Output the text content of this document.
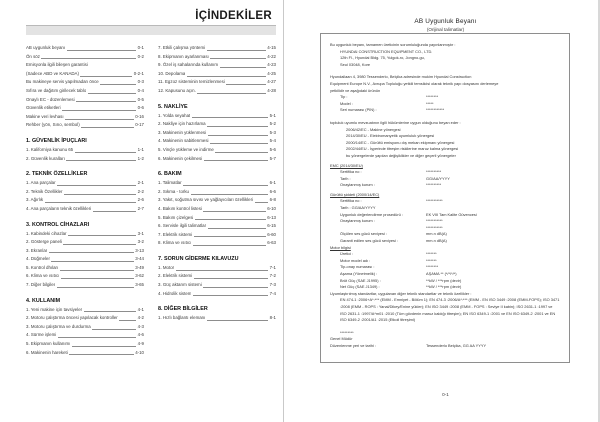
İÇİNDEKİLER
AB uygunluk beyanı	0-1
Ön söz	0-2
Emisyonla ilgili bileşen garantisi
(Sadece ABD ve KANADA)	0-2-1
Bu makineye servis yapılmadan önce	0-3
Sıfıra ve dağıtım girilecek tablo	0-4
Onaylı EC - düzenlemesi	0-5
Güvenlik etiketleri	0-6
Makine veri levhası	0-16
Rehber (yön, Sıno, sembol)	0-17
1. GÜVENLİK İPUÇLARI
1. Kaliforniya kanunu 65	1-1
2. Güvenlik kuralları	1-2
2. TEKNİK ÖZELLİKLER
1. Ana parçalar	2-1
2. Teknik Özellikler	2-2
3. Ağırlık	2-6
4. Ana parçaların teknik özellikleri	2-7
3. KONTROL CİHAZLARI
1. Kabindeki cihazlar	3-1
2. Gösterge paneli	3-2
3. Ekranlar	3-13
4. Düğmeler	3-44
5. Kontrol dhıları	3-49
6. Klima ve ısıtıcı	3-62
7. Diğer bilgiler	3-65
4. KULLANIM
1. Yeni makine için tavsiyeler	4-1
2. Motoru çalıştırma öncesi yapılacak kontroller	4-2
3. Motoru çalıştırma ve durdurma	4-3
4. Sürme işlemi	4-6
5. Ekipmanın kullanımı	4-9
6. Makinenin hareketi	4-10
7. Etkili çalışma yöntemi	4-15
8. Ekipmanın ayarlanması	4-22
9. Özel iş sahalarında kullanım	4-23
10. Depolama	4-25
11. Egzoz sisteminin temizlenmesi	4-27
12. Kapusunu açın.	4-28
5. NAKLİYE
1. Yolda seyahat	5-1
2. Nakliye için hazırlama	5-2
3. Makinenin yüklenmesi	5-3
4. Makinenin sabitlenmesi	5-4
5. Vinçle yükleme ve indirme	5-6
6. Makinenin çekilmesi	5-7
6. BAKIM
1. Talimatlar	6-1
2. Sıkma - torku	6-6
3. Yakıt, soğutma sıvısı ve yağlayıcıları özellikleri	6-8
4. Bakım kontrol listesi	6-10
5. Bakım çizelgesi	6-13
6. Servisle ilgili talimatlar	6-15
7. Elektrik sistemi	6-60
8. Klima ve ısıtıcı	6-63
7. SORUN GİDERME KILAVUZU
1. Motor	7-1
2. Elektrik sistemi	7-2
3. Güç aktarım sistemi	7-3
4. Hidrolik sistem	7-4
8. DİĞER BİLGİLER
1. Hızlı bağlantı elemanı	8-1
AB Uygunluk Beyanı
(Orijinal talimatlar)
Bu uygunluk beyanı, tamamen üreticinin sorumluluğunda yayınlanmıştır :
HYUNDAI CONSTRUCTION EQUIPMENT CO., LTD.
12th Fl., Hyundai Bldg. 75, Yulgok-ro, Jongno-gu,
Seul 03048, Kore
Hyundailaan 4, 3980 Tessenderlo, Belçika adresinde mukim Hyundai Construction
Equipment Europe N.V., Avrupa Topluluğu yetkili temsilcisi olarak teknik yapı dosyasını derlemeye
yetkilidir ve aşağıdaki ürünün
Tip :	********
Model :	*****
Seri numarası (PIN) :	************
topluluk uyumlu mevzuatının ilgili hükümlerine uygun olduğunu beyan eder :
2006/42/EC - Makine yönergesi
2014/30/EU - Elektromanyetik uyumluluk yönergesi
2000/14/EC - Gürültü emisyonu dış mekan ekipmanı yönergesi
2002/44/EU - İşyerinde titreşim riskilerine maruz kalma yönergesi
bu yönergelerde yapılan değişiklikler ve diğer geçerli yönergeler
EMC (2014/30/EU)
Sertifika no :	**********
Tarih :	GG/AA/YYYY
Onaylanmış kurum :	**********
Gürültü şiddeti (2000/14/EC)
Sertifika no :	***********
Tarih : GG/AA/YYYY
Uygunluk değerlendirme prosedürü :	EK VIII Tam Kalite Güvencesi
Onaylanmış kurum :	***********
***********
Ölçülen ses gücü seviyesi :	mm.n dB(A)
Garanti edilen ses gücü seviyesi :	mm.n dB(A)
Motor bilgisi
Üretici :	*******
Motor model adı :	*******
Tip-onay numarası :	********
Aşama (Yönetmelik) :	AŞAMA ** (*/*/*/*)
Brüt Güç (SAE J1995) :	**kW / ***rpm (devir)
Net Güç (SAE J1349) :	**kW / ***rpm (devir)
Uyumlaştırılmış standartlar, uygulanan diğer teknik standartlar ve teknik özellikler :
EN 474-1 :2006+A*:*** (EMM - Emniyet - Bölüm 1); EN 474-3 :2006/A*:*** (EMM - EN ISO 3449 :2008 (EMM-FOPS); ISO 3471 :2008 (EMM - ROPS : Yanal/Dikey/Enine yükler); EN ISO 3449 :2008 (EMM - FOPS : Seviye II kabin); ISO 2631-1 :1997 ve ISO 2631-1 :1997/A*m01 :2010 (Tüm gövdenin maruz kaldığı titreşim); EN ISO 6349-1 :2001 ve EN ISO 6349-2 :2001 ve EN ISO 6349-2 :2001/A1 :2015 (Etkoil titreşimi)
*********
Genel Müdür
Düzenlenme yeri ve tarihi :	Tessenderlo Belçika, GG AA YYYY
0-1
